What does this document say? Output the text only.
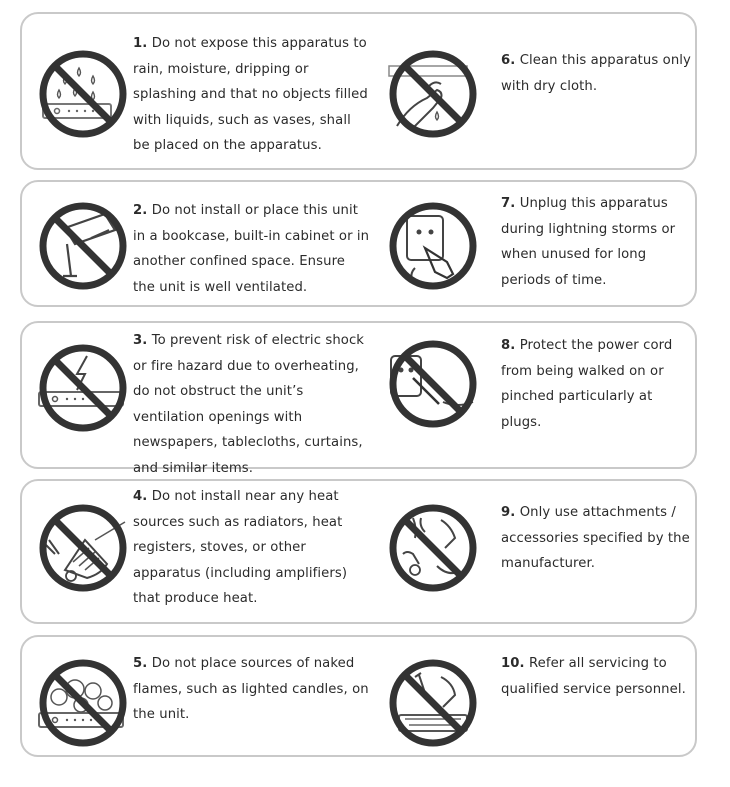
1. Do not expose this apparatus to rain, moisture, dripping or splashing and that no objects filled with liquids, such as vases, shall be placed on the apparatus.
6. Clean this apparatus only with dry cloth.
2. Do not install or place this unit in a bookcase, built-in cabinet or in another confined space. Ensure the unit is well ventilated.
7. Unplug this apparatus during lightning storms or when unused for long periods of time.
3. To prevent risk of electric shock or fire hazard due to overheating, do not obstruct the unit’s ventilation openings with newspapers, tablecloths, curtains, and similar items.
8. Protect the power cord from being walked on or pinched particularly at plugs.
4. Do not install near any heat sources such as radiators, heat registers, stoves, or other apparatus (including amplifiers) that produce heat.
9. Only use attachments / accessories specified by the manufacturer.
5. Do not place sources of naked flames, such as lighted candles, on the unit.
10. Refer all servicing to qualified service personnel.
